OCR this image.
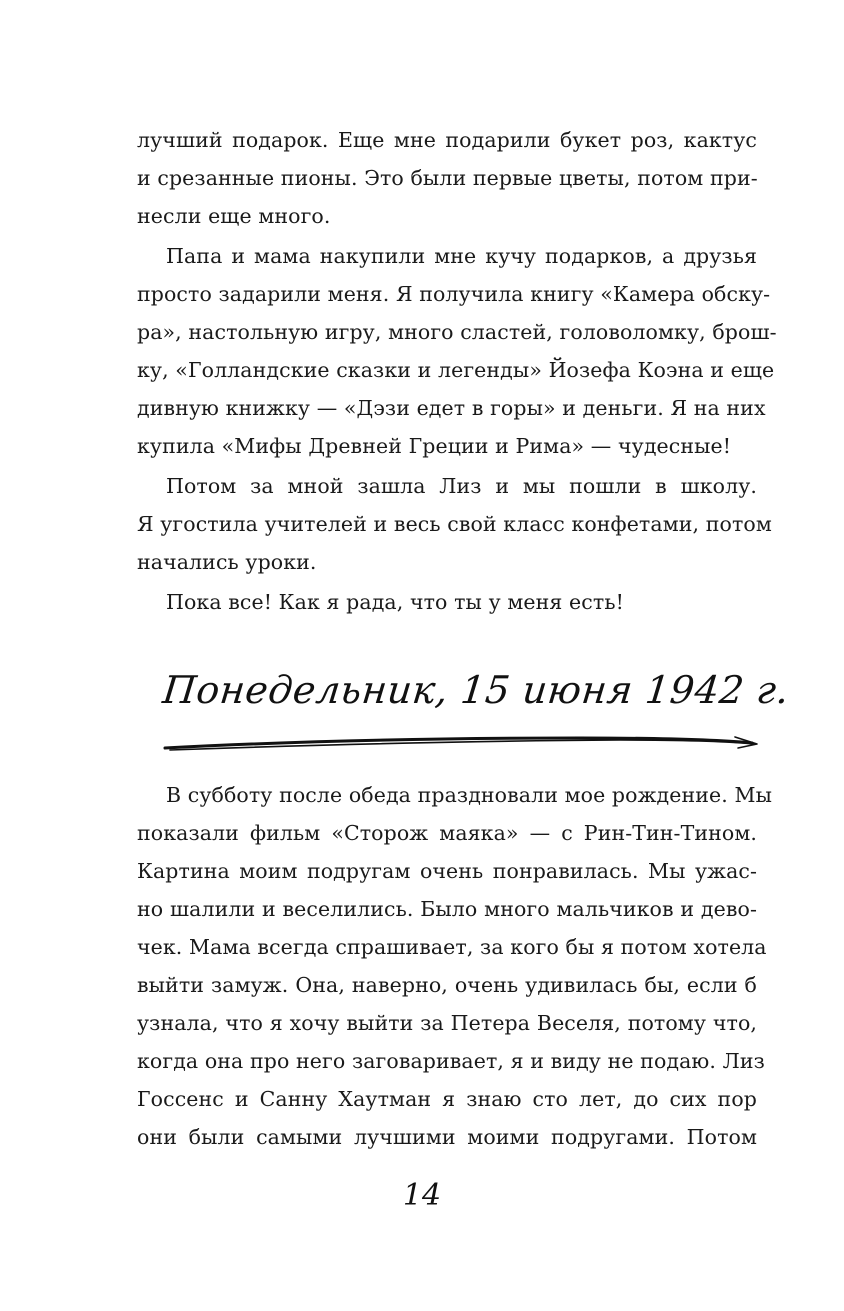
лучший подарок. Еще мне подарили букет роз, кактус
и срезанные пионы. Это были первые цветы, потом при-
несли еще много.
Папа и мама накупили мне кучу подарков, а друзья
просто задарили меня. Я получила книгу «Камера обску-
ра», настольную игру, много сластей, головоломку, брош-
ку, «Голландские сказки и легенды» Йозефа Коэна и еще
дивную книжку — «Дэзи едет в горы» и деньги. Я на них
купила «Мифы Древней Греции и Рима» — чудесные!
Потом за мной зашла Лиз и мы пошли в школу.
Я угостила учителей и весь свой класс конфетами, потом
начались уроки.
Пока все! Как я рада, что ты у меня есть!
Понедельник, 15 июня 1942 г.
В субботу после обеда праздновали мое рождение. Мы
показали фильм «Сторож маяка» — с Рин-Тин-Тином.
Картина моим подругам очень понравилась. Мы ужас-
но шалили и веселились. Было много мальчиков и дево-
чек. Мама всегда спрашивает, за кого бы я потом хотела
выйти замуж. Она, наверно, очень удивилась бы, если б
узнала, что я хочу выйти за Петера Веселя, потому что,
когда она про него заговаривает, я и виду не подаю. Лиз
Госсенс и Санну Хаутман я знаю сто лет, до сих пор
они были самыми лучшими моими подругами. Потом
14
